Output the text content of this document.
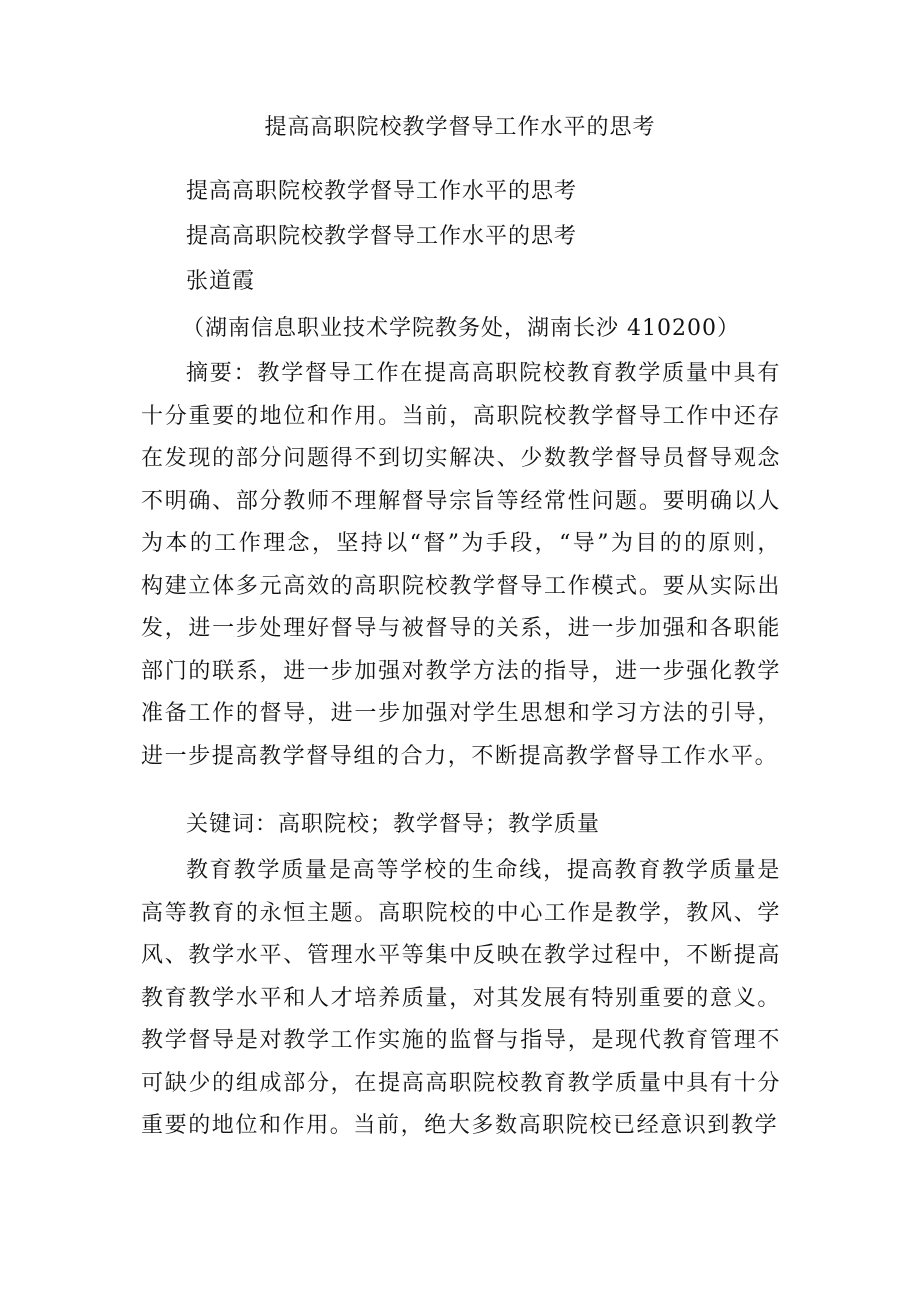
提高高职院校教学督导工作水平的思考
提高高职院校教学督导工作水平的思考
提高高职院校教学督导工作水平的思考
张道霞
（湖南信息职业技术学院教务处，湖南长沙 410200）

摘要：教学督导工作在提高高职院校教育教学质量中具有十分重要的地位和作用。当前，高职院校教学督导工作中还存在发现的部分问题得不到切实解决、少数教学督导员督导观念不明确、部分教师不理解督导宗旨等经常性问题。要明确以人为本的工作理念，坚持以“督”为手段，“导”为目的的原则，构建立体多元高效的高职院校教学督导工作模式。要从实际出发，进一步处理好督导与被督导的关系，进一步加强和各职能部门的联系，进一步加强对教学方法的指导，进一步强化教学准备工作的督导，进一步加强对学生思想和学习方法的引导，进一步提高教学督导组的合力，不断提高教学督导工作水平。

关键词：高职院校；教学督导；教学质量

教育教学质量是高等学校的生命线，提高教育教学质量是高等教育的永恒主题。高职院校的中心工作是教学，教风、学风、教学水平、管理水平等集中反映在教学过程中，不断提高教育教学水平和人才培养质量，对其发展有特别重要的意义。教学督导是对教学工作实施的监督与指导，是现代教育管理不可缺少的组成部分，在提高高职院校教育教学质量中具有十分重要的地位和作用。当前，绝大多数高职院校已经意识到教学
